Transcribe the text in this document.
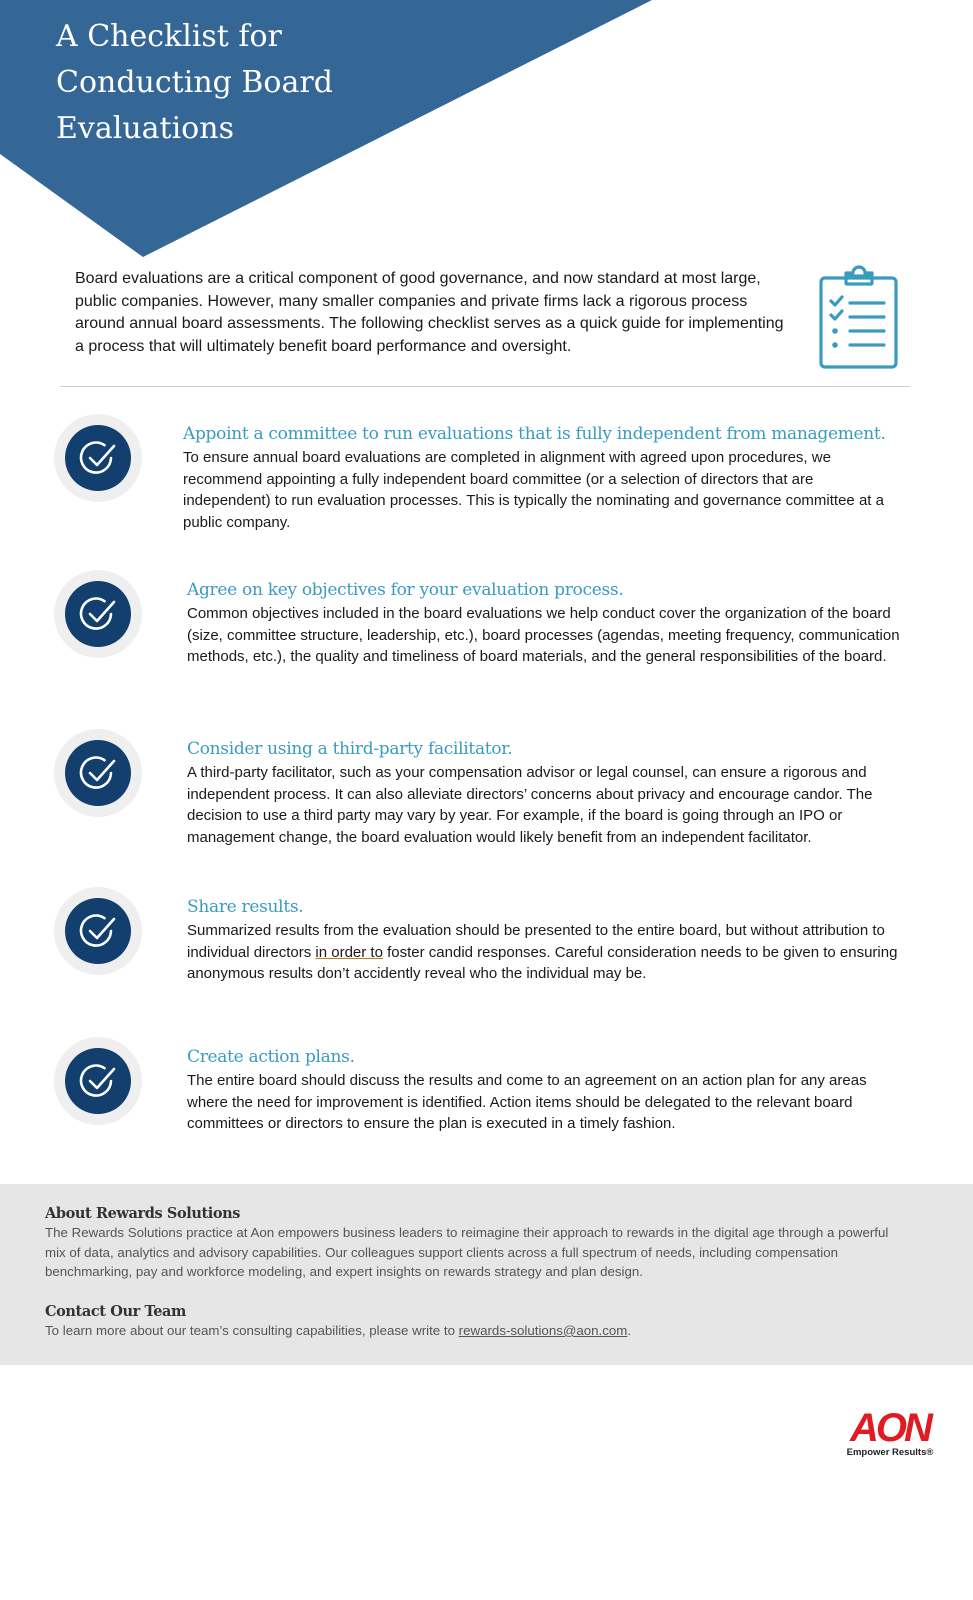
A Checklist for
Conducting Board
Evaluations

Board evaluations are a critical component of good governance, and now standard at most large, public companies. However, many smaller companies and private firms lack a rigorous process around annual board assessments. The following checklist serves as a quick guide for implementing a process that will ultimately benefit board performance and oversight.

Appoint a committee to run evaluations that is fully independent from management.

To ensure annual board evaluations are completed in alignment with agreed upon procedures, we recommend appointing a fully independent board committee (or a selection of directors that are independent) to run evaluation processes. This is typically the nominating and governance committee at a public company.

Agree on key objectives for your evaluation process.

Common objectives included in the board evaluations we help conduct cover the organization of the board (size, committee structure, leadership, etc.), board processes (agendas, meeting frequency, communication methods, etc.), the quality and timeliness of board materials, and the general responsibilities of the board.

Consider using a third-party facilitator.

A third-party facilitator, such as your compensation advisor or legal counsel, can ensure a rigorous and independent process. It can also alleviate directors’ concerns about privacy and encourage candor. The decision to use a third party may vary by year. For example, if the board is going through an IPO or management change, the board evaluation would likely benefit from an independent facilitator.

Share results.

Summarized results from the evaluation should be presented to the entire board, but without attribution to individual directors in order to foster candid responses. Careful consideration needs to be given to ensuring anonymous results don’t accidently reveal who the individual may be.

Create action plans.

The entire board should discuss the results and come to an agreement on an action plan for any areas where the need for improvement is identified. Action items should be delegated to the relevant board committees or directors to ensure the plan is executed in a timely fashion.

About Rewards Solutions

The Rewards Solutions practice at Aon empowers business leaders to reimagine their approach to rewards in the digital age through a powerful mix of data, analytics and advisory capabilities. Our colleagues support clients across a full spectrum of needs, including compensation benchmarking, pay and workforce modeling, and expert insights on rewards strategy and plan design.

Contact Our Team

To learn more about our team’s consulting capabilities, please write to rewards-solutions@aon.com.

AON
Empower Results®
